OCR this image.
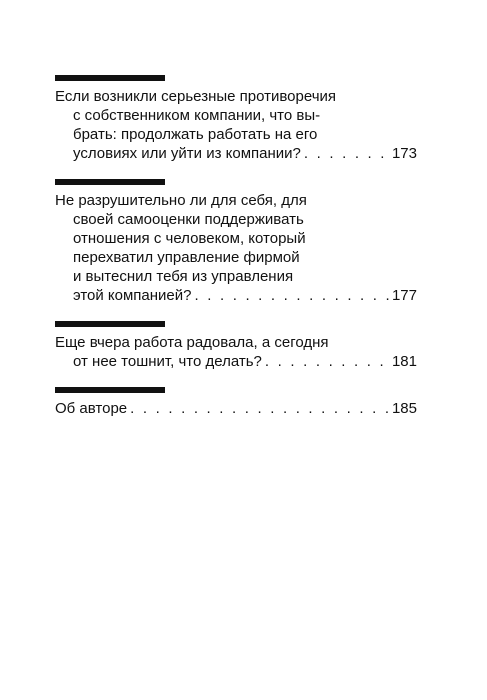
Если возникли серьезные противоречия
с собственником компании, что вы-
брать: продолжать работать на его
условиях или уйти из компании? . . .	173
Не разрушительно ли для себя, для
своей самооценки поддерживать
отношения с человеком, который
перехватил управление фирмой
и вытеснил тебя из управления
этой компанией? . . .	177
Еще вчера работа радовала, а сегодня
от нее тошнит, что делать? . . .	181
Об авторе . . .	185
